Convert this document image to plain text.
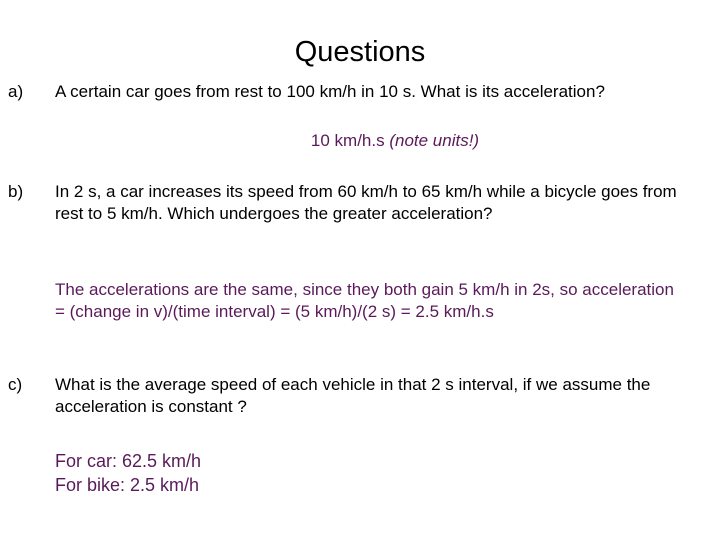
Questions
a) A certain car goes from rest to 100 km/h in 10 s. What is its acceleration?
10 km/h.s (note units!)
b) In 2 s, a car increases its speed from 60 km/h to 65 km/h while a bicycle goes from rest to 5 km/h. Which undergoes the greater acceleration?
The accelerations are the same, since they both gain 5 km/h in 2s, so acceleration = (change in v)/(time interval) = (5 km/h)/(2 s) = 2.5 km/h.s
c) What is the average speed of each vehicle in that 2 s interval, if we assume the acceleration is constant ?
For car: 62.5 km/h
For bike: 2.5 km/h
